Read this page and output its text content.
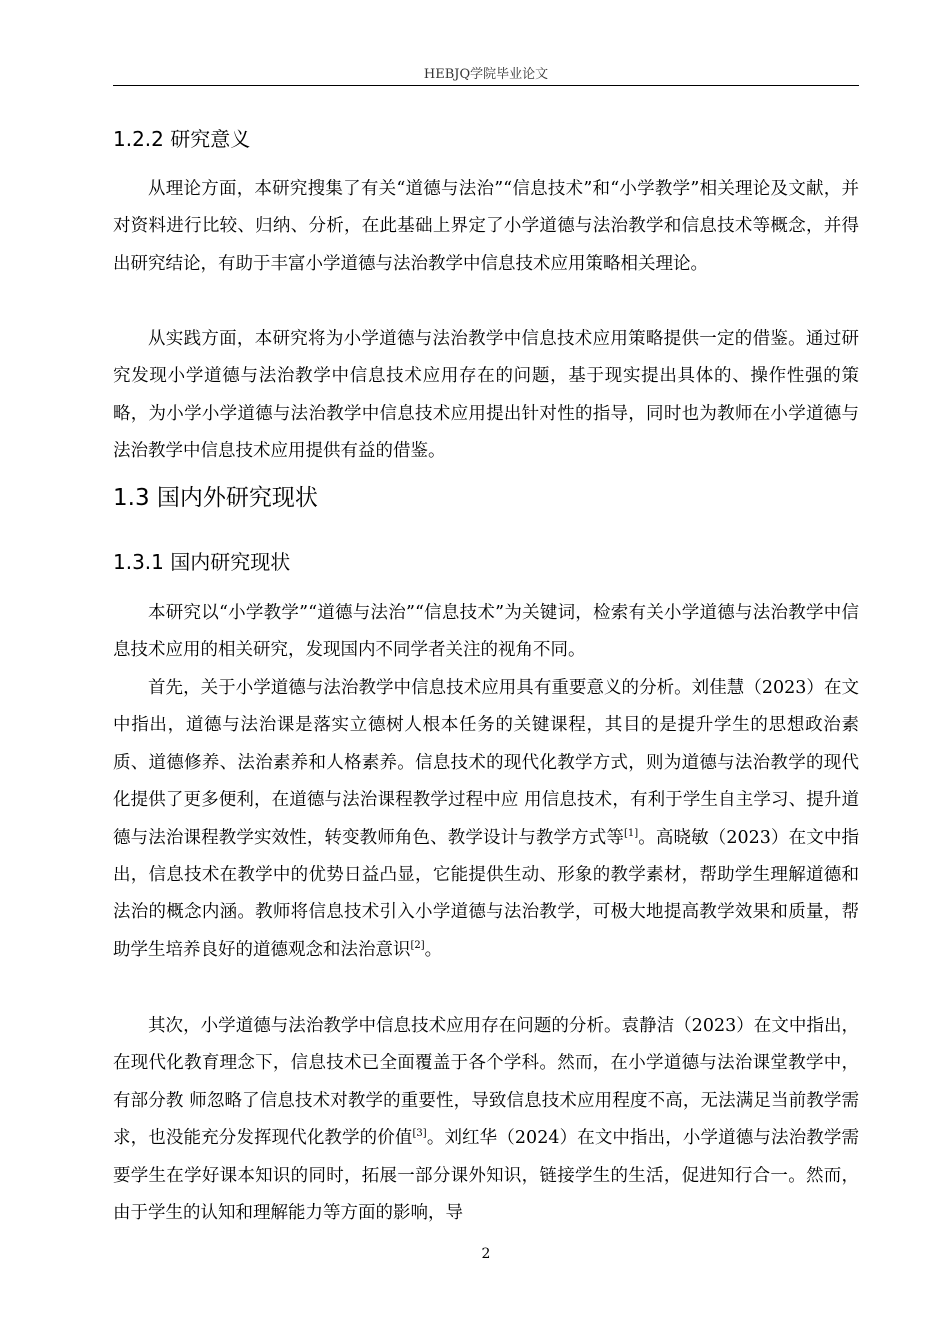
HEBJQ学院毕业论文
1.2.2 研究意义

从理论方面，本研究搜集了有关“道德与法治”“信息技术”和“小学教学”相关理论及文献，并对资料进行比较、归纳、分析，在此基础上界定了小学道德与法治教学和信息技术等概念，并得出研究结论，有助于丰富小学道德与法治教学中信息技术应用策略相关理论。

从实践方面，本研究将为小学道德与法治教学中信息技术应用策略提供一定的借鉴。通过研究发现小学道德与法治教学中信息技术应用存在的问题，基于现实提出具体的、操作性强的策略，为小学小学道德与法治教学中信息技术应用提出针对性的指导，同时也为教师在小学道德与法治教学中信息技术应用提供有益的借鉴。

1.3 国内外研究现状
1.3.1 国内研究现状

本研究以“小学教学”“道德与法治”“信息技术”为关键词，检索有关小学道德与法治教学中信息技术应用的相关研究，发现国内不同学者关注的视角不同。

首先，关于小学道德与法治教学中信息技术应用具有重要意义的分析。刘佳慧（2023）在文中指出，道德与法治课是落实立德树人根本任务的关键课程，其目的是提升学生的思想政治素质、道德修养、法治素养和人格素养。信息技术的现代化教学方式，则为道德与法治教学的现代化提供了更多便利，在道德与法治课程教学过程中应 用信息技术，有利于学生自主学习、提升道德与法治课程教学实效性，转变教师角色、教学设计与教学方式等[1]。高晓敏（2023）在文中指出，信息技术在教学中的优势日益凸显，它能提供生动、形象的教学素材，帮助学生理解道德和法治的概念内涵。教师将信息技术引入小学道德与法治教学，可极大地提高教学效果和质量，帮助学生培养良好的道德观念和法治意识[2]。

其次，小学道德与法治教学中信息技术应用存在问题的分析。袁静洁（2023）在文中指出，在现代化教育理念下，信息技术已全面覆盖于各个学科。然而，在小学道德与法治课堂教学中，有部分教 师忽略了信息技术对教学的重要性，导致信息技术应用程度不高，无法满足当前教学需求，也没能充分发挥现代化教学的价值[3]。刘红华（2024）在文中指出，小学道德与法治教学需要学生在学好课本知识的同时，拓展一部分课外知识，链接学生的生活，促进知行合一。然而，由于学生的认知和理解能力等方面的影响，导

2
